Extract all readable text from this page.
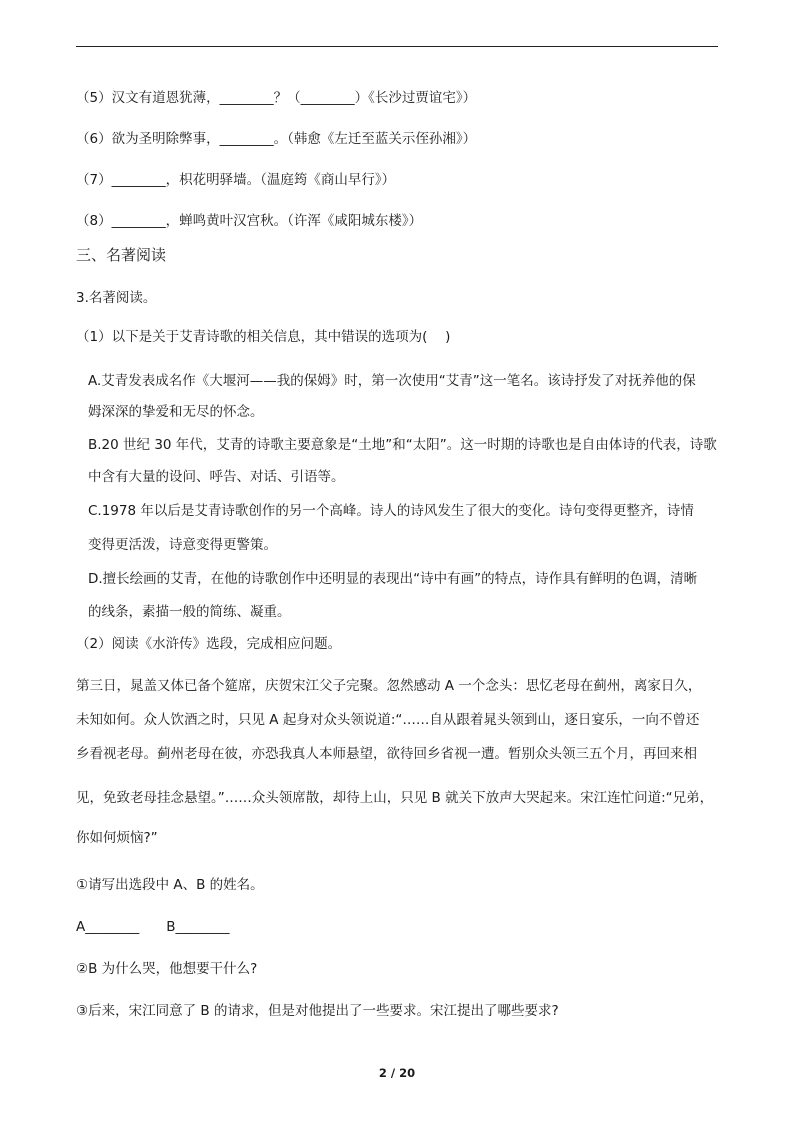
（5）汉文有道恩犹薄，________？（________）《长沙过贾谊宅》）
（6）欲为圣明除弊事，________。（韩愈《左迁至蓝关示侄孙湘》）
（7）________，枳花明驿墙。（温庭筠《商山早行》）
（8）________，蝉鸣黄叶汉宫秋。（许浑《咸阳城东楼》）
三、名著阅读
3.名著阅读。
（1）以下是关于艾青诗歌的相关信息，其中错误的选项为(　 )
A.艾青发表成名作《大堰河——我的保姆》时，第一次使用“艾青”这一笔名。该诗抒发了对抚养他的保
姆深深的挚爱和无尽的怀念。
B.20 世纪 30 年代，艾青的诗歌主要意象是“土地”和“太阳”。这一时期的诗歌也是自由体诗的代表，诗歌
中含有大量的设问、呼告、对话、引语等。
C.1978 年以后是艾青诗歌创作的另一个高峰。诗人的诗风发生了很大的变化。诗句变得更整齐，诗情
变得更活泼，诗意变得更警策。
D.擅长绘画的艾青，在他的诗歌创作中还明显的表现出“诗中有画”的特点，诗作具有鲜明的色调，清晰
的线条，素描一般的简练、凝重。
（2）阅读《水浒传》选段，完成相应问题。
第三日，晁盖又体已备个筵席，庆贺宋江父子完聚。忽然感动 A 一个念头：思忆老母在蓟州，离家日久，
未知如何。众人饮酒之时，只见 A 起身对众头领说道:“……自从跟着晁头领到山，逐日宴乐，一向不曾还
乡看视老母。蓟州老母在彼，亦恐我真人本师悬望，欲待回乡省视一遭。暂别众头领三五个月，再回来相
见，免致老母挂念悬望。”……众头领席散，却待上山，只见 B 就关下放声大哭起来。宋江连忙问道:“兄弟，
你如何烦恼?”
①请写出选段中 A、B 的姓名。
A________　　B________
②B 为什么哭，他想要干什么?
③后来，宋江同意了 B 的请求，但是对他提出了一些要求。宋江提出了哪些要求?
2 / 20
